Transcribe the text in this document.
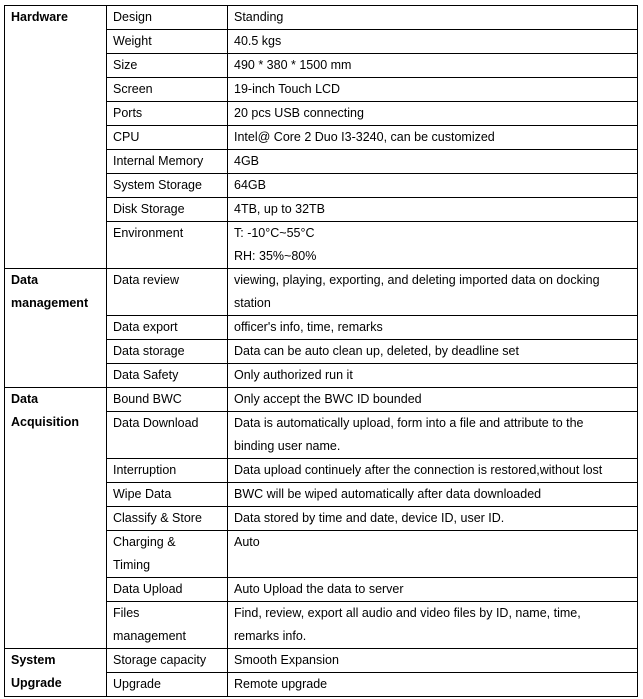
Hardware	Design	Standing

	Weight	40.5 kgs

	Size	490 * 380 * 1500 mm

	Screen	19-inch Touch LCD

	Ports	20 pcs USB connecting

	CPU	Intel@ Core 2 Duo I3-3240, can be customized

	Internal Memory	4GB

	System Storage	64GB

	Disk Storage	4TB, up to 32TB

	Environment	T: -10°C~55°C
RH: 35%~80%

Data
management	Data review	viewing, playing, exporting, and deleting imported data on docking
station

	Data export	officer's info, time, remarks

	Data storage	Data can be auto clean up, deleted, by deadline set

	Data Safety	Only authorized run it

Data
Acquisition	Bound BWC	Only accept the BWC ID bounded

	Data Download	Data is automatically upload, form into a file and attribute to the
binding user name.

	Interruption	Data upload continuely after the connection is restored,without lost

	Wipe Data	BWC will be wiped automatically after data downloaded

	Classify & Store	Data stored by time and date, device ID, user ID.

	Charging &
Timing	Auto

	Data Upload	Auto Upload the data to server

	Files
management	Find, review, export all audio and video files by ID, name, time,
remarks info.

System
Upgrade	Storage capacity	Smooth Expansion

	Upgrade	Remote upgrade
